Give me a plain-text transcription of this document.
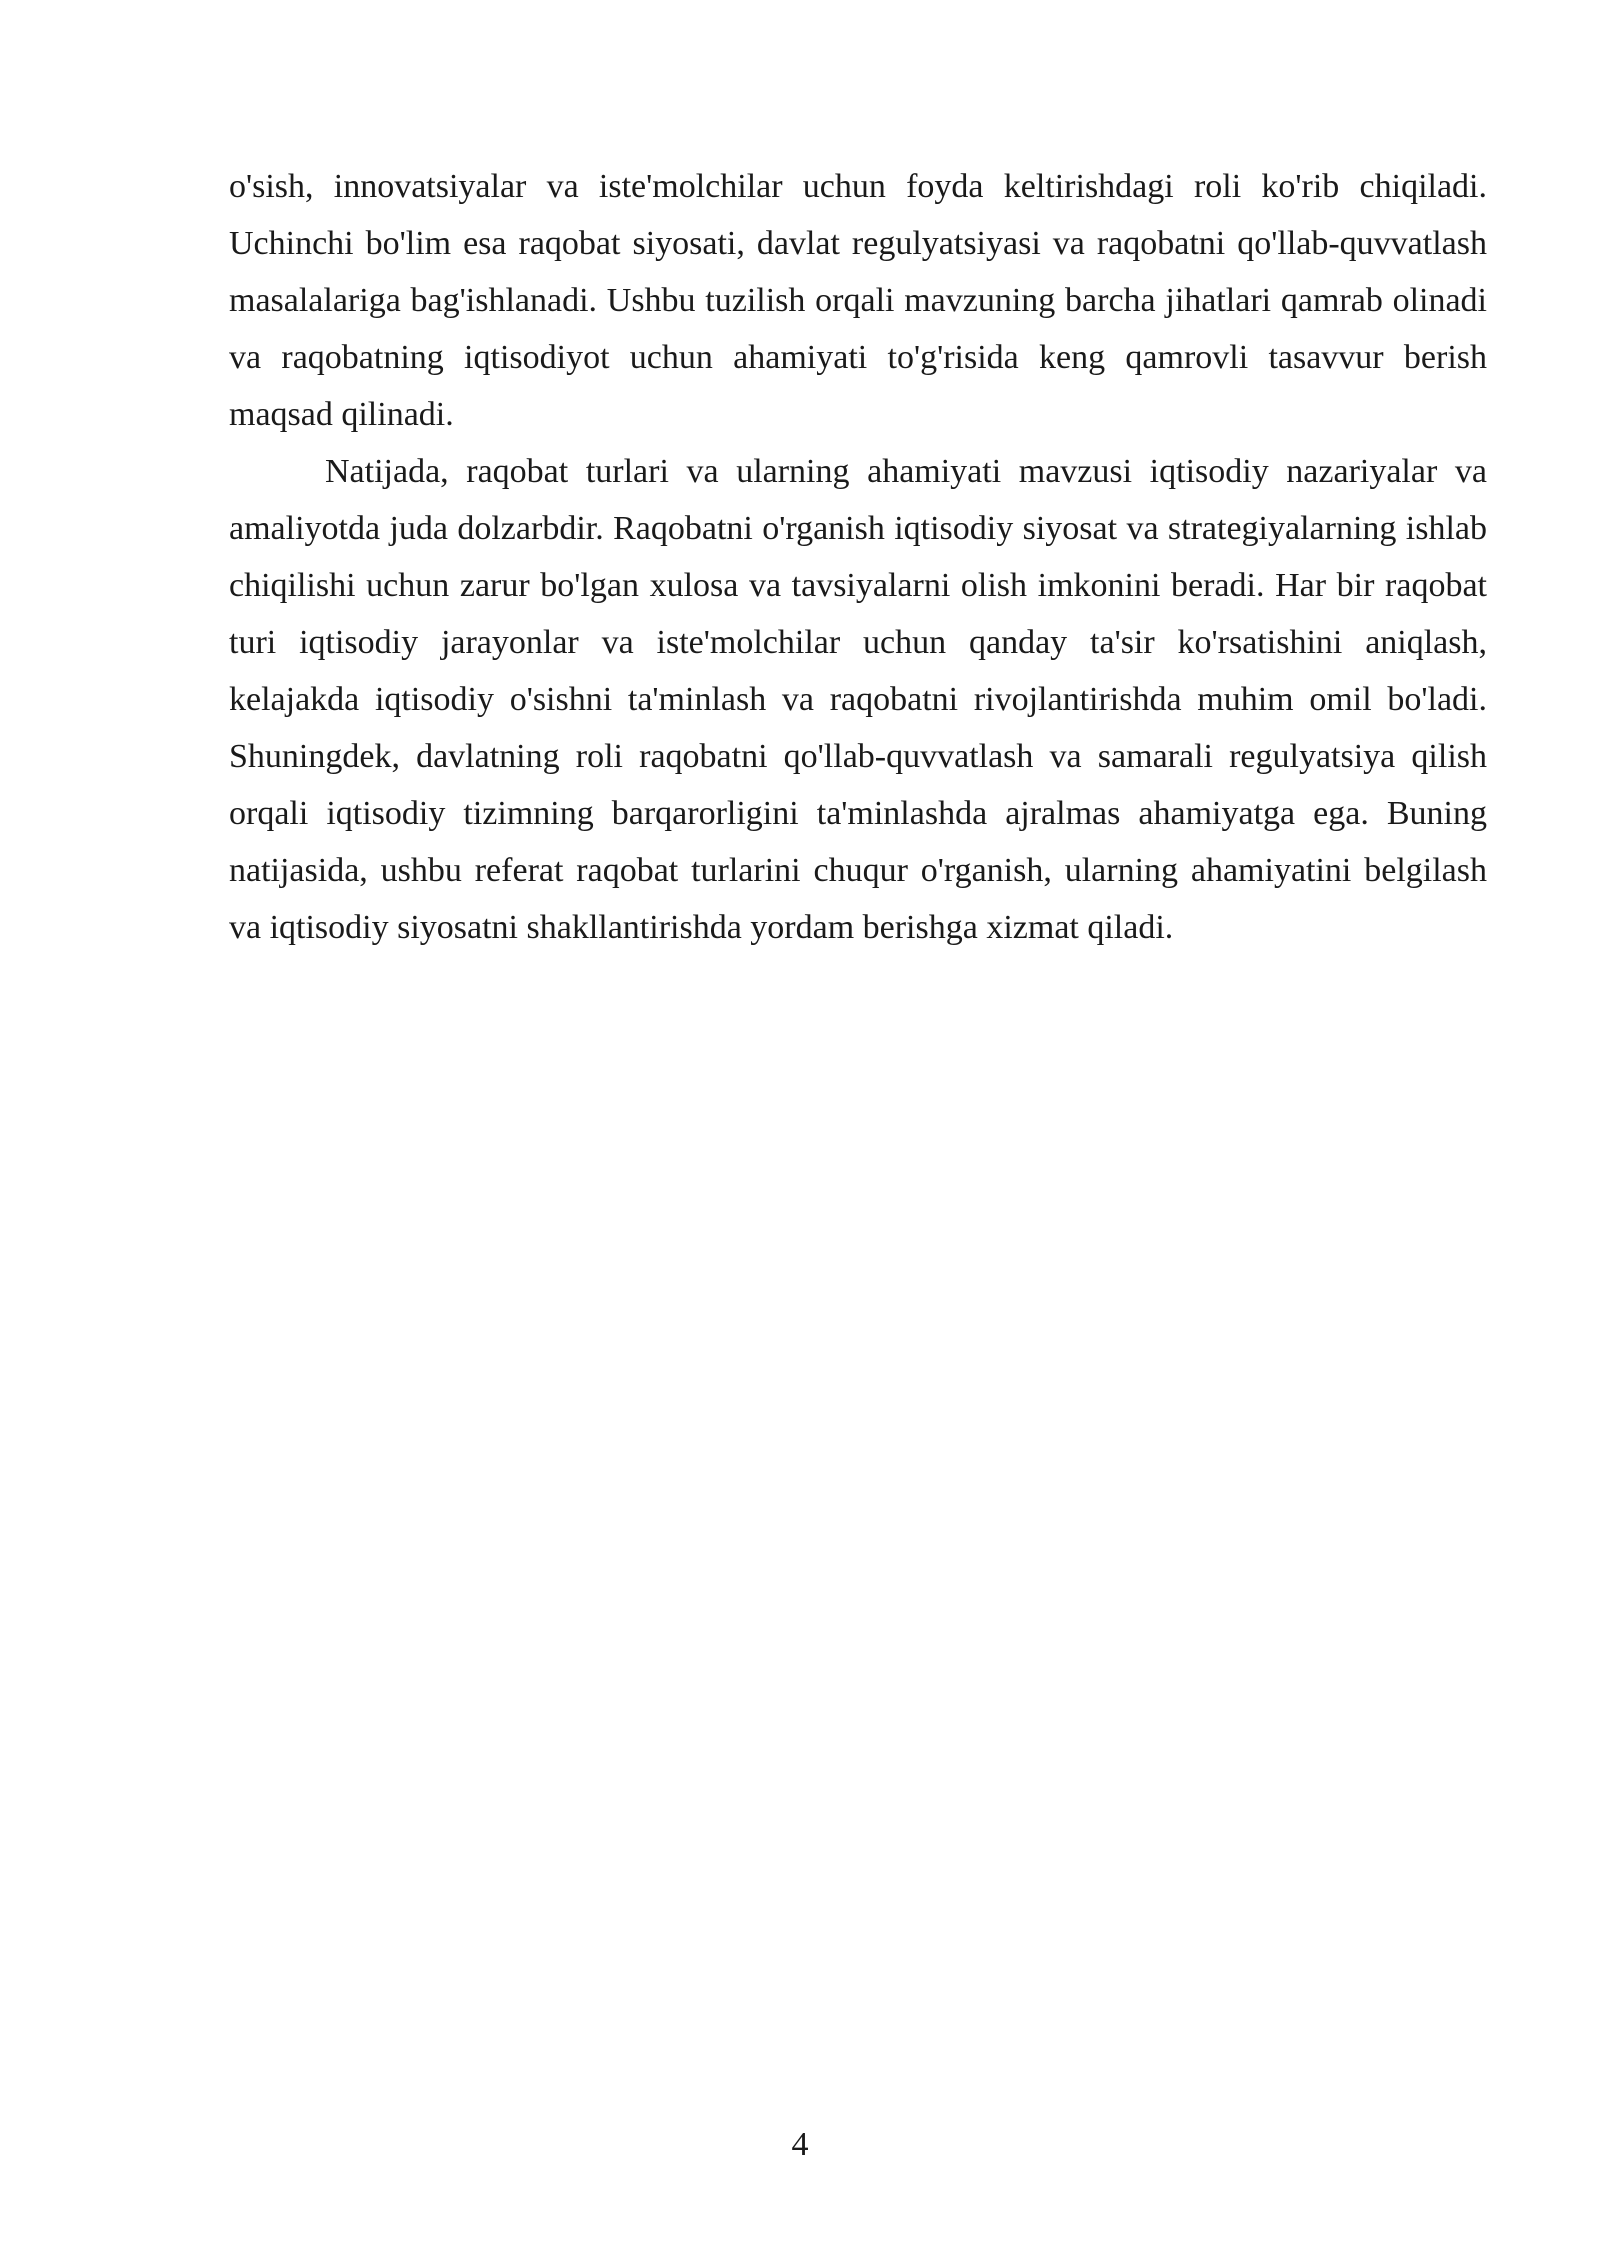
o'sish, innovatsiyalar va iste'molchilar uchun foyda keltirishdagi roli ko'rib chiqiladi. Uchinchi bo'lim esa raqobat siyosati, davlat regulyatsiyasi va raqobatni qo'llab-quvvatlash masalalariga bag'ishlanadi. Ushbu tuzilish orqali mavzuning barcha jihatlari qamrab olinadi va raqobatning iqtisodiyot uchun ahamiyati to'g'risida keng qamrovli tasavvur berish maqsad qilinadi.

Natijada, raqobat turlari va ularning ahamiyati mavzusi iqtisodiy nazariyalar va amaliyotda juda dolzarbdir. Raqobatni o'rganish iqtisodiy siyosat va strategiyalarning ishlab chiqilishi uchun zarur bo'lgan xulosa va tavsiyalarni olish imkonini beradi. Har bir raqobat turi iqtisodiy jarayonlar va iste'molchilar uchun qanday ta'sir ko'rsatishini aniqlash, kelajakda iqtisodiy o'sishni ta'minlash va raqobatni rivojlantirishda muhim omil bo'ladi. Shuningdek, davlatning roli raqobatni qo'llab-quvvatlash va samarali regulyatsiya qilish orqali iqtisodiy tizimning barqarorligini ta'minlashda ajralmas ahamiyatga ega. Buning natijasida, ushbu referat raqobat turlarini chuqur o'rganish, ularning ahamiyatini belgilash va iqtisodiy siyosatni shakllantirishda yordam berishga xizmat qiladi.

4
